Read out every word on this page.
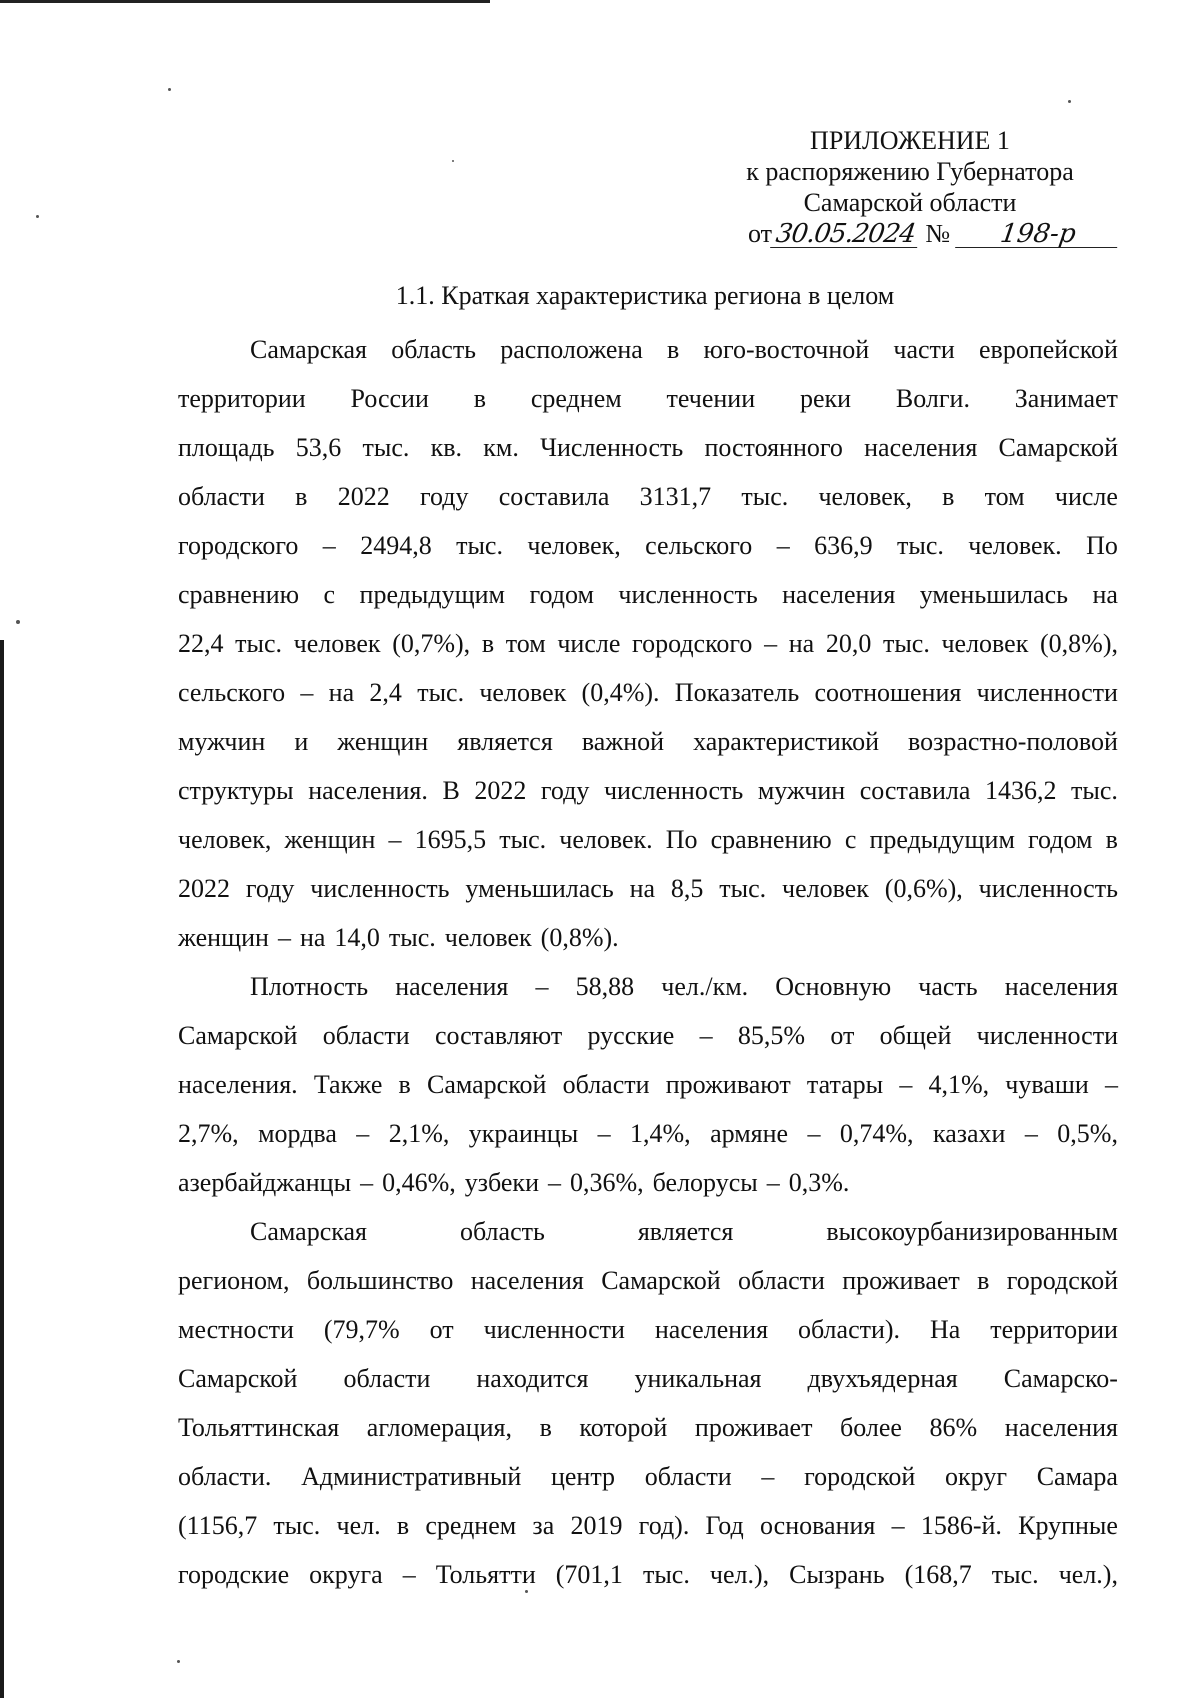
ПРИЛОЖЕНИЕ 1
к распоряжению Губернатора
Самарской области
от30.05.2024 № 198-р
1.1. Краткая характеристика региона в целом
Самарская область расположена в юго-восточной части европейской
территории России в среднем течении реки Волги. Занимает
площадь 53,6 тыс. кв. км. Численность постоянного населения Самарской
области в 2022 году составила 3131,7 тыс. человек, в том числе
городского – 2494,8 тыс. человек, сельского – 636,9 тыс. человек. По
сравнению с предыдущим годом численность населения уменьшилась на
22,4 тыс. человек (0,7%), в том числе городского – на 20,0 тыс. человек (0,8%),
сельского – на 2,4 тыс. человек (0,4%). Показатель соотношения численности
мужчин и женщин является важной характеристикой возрастно-половой
структуры населения. В 2022 году численность мужчин составила 1436,2 тыс.
человек, женщин – 1695,5 тыс. человек. По сравнению с предыдущим годом в
2022 году численность уменьшилась на 8,5 тыс. человек (0,6%), численность
женщин – на 14,0 тыс. человек (0,8%).
Плотность населения – 58,88 чел./км. Основную часть населения
Самарской области составляют русские – 85,5% от общей численности
населения. Также в Самарской области проживают татары – 4,1%, чуваши –
2,7%, мордва – 2,1%, украинцы – 1,4%, армяне – 0,74%, казахи – 0,5%,
азербайджанцы – 0,46%, узбеки – 0,36%, белорусы – 0,3%.
Самарская	область	является	высокоурбанизированным
регионом, большинство населения Самарской области проживает в городской
местности (79,7% от численности населения области). На территории
Самарской области находится уникальная двухъядерная Самарско-
Тольяттинская агломерация, в которой проживает более 86% населения
области. Административный центр области – городской округ Самара
(1156,7 тыс. чел. в среднем за 2019 год). Год основания – 1586-й. Крупные
городские округа – Тольятти (701,1 тыс. чел.), Сызрань (168,7 тыс. чел.),
